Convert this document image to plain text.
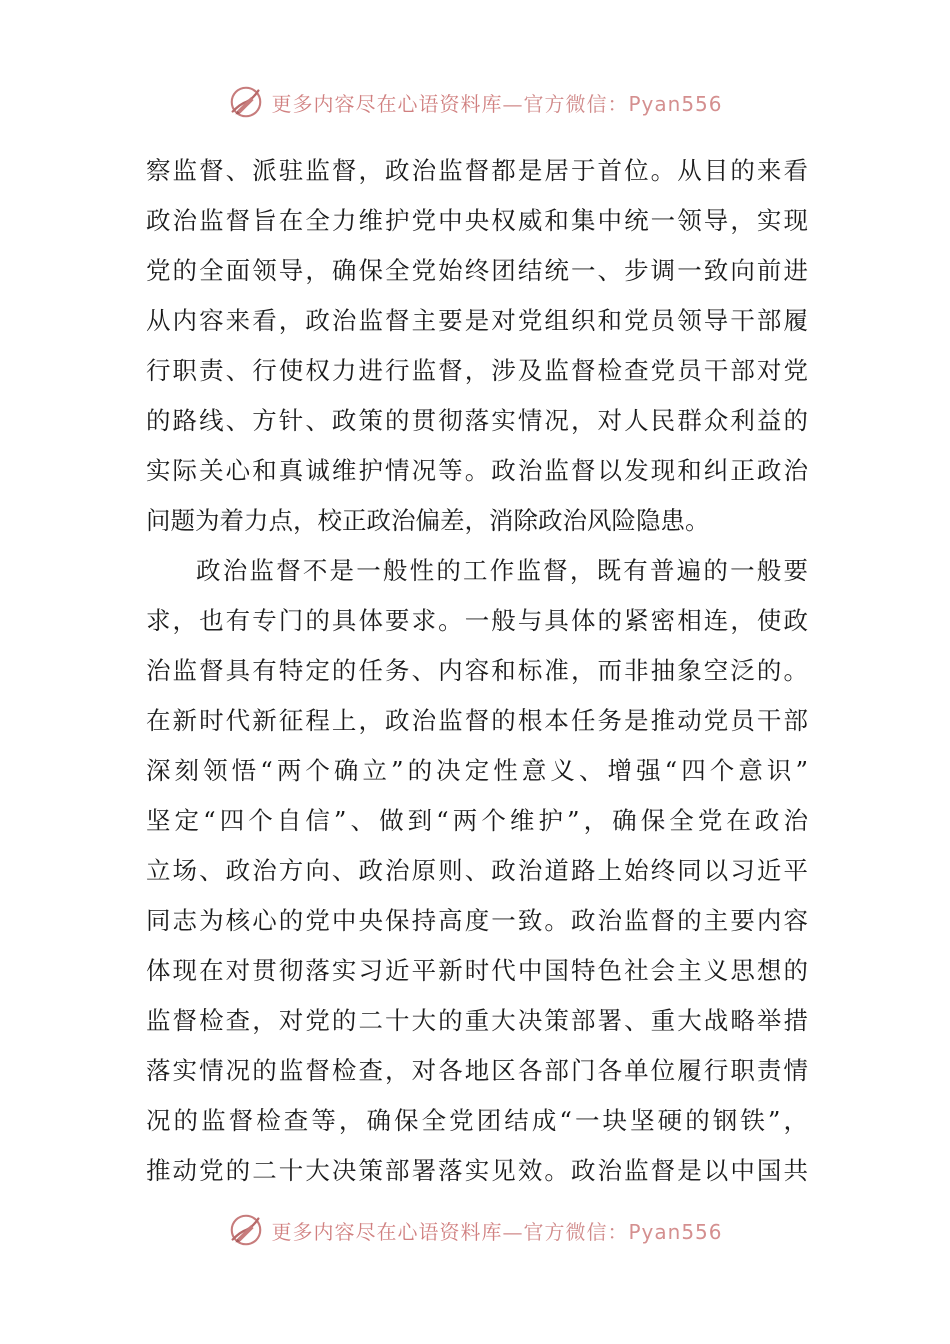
更多内容尽在心语资料库—官方微信：Pyan556
察监督、派驻监督，政治监督都是居于首位。从目的来看
政治监督旨在全力维护党中央权威和集中统一领导，实现
党的全面领导，确保全党始终团结统一、步调一致向前进
从内容来看，政治监督主要是对党组织和党员领导干部履
行职责、行使权力进行监督，涉及监督检查党员干部对党
的路线、方针、政策的贯彻落实情况，对人民群众利益的
实际关心和真诚维护情况等。政治监督以发现和纠正政治
问题为着力点，校正政治偏差，消除政治风险隐患。
政治监督不是一般性的工作监督，既有普遍的一般要
求，也有专门的具体要求。一般与具体的紧密相连，使政
治监督具有特定的任务、内容和标准，而非抽象空泛的。
在新时代新征程上，政治监督的根本任务是推动党员干部
深刻领悟“两个确立”的决定性意义、增强“四个意识”
坚定“四个自信”、做到“两个维护”，确保全党在政治
立场、政治方向、政治原则、政治道路上始终同以习近平
同志为核心的党中央保持高度一致。政治监督的主要内容
体现在对贯彻落实习近平新时代中国特色社会主义思想的
监督检查，对党的二十大的重大决策部署、重大战略举措
落实情况的监督检查，对各地区各部门各单位履行职责情
况的监督检查等，确保全党团结成“一块坚硬的钢铁”，
推动党的二十大决策部署落实见效。政治监督是以中国共
更多内容尽在心语资料库—官方微信：Pyan556
